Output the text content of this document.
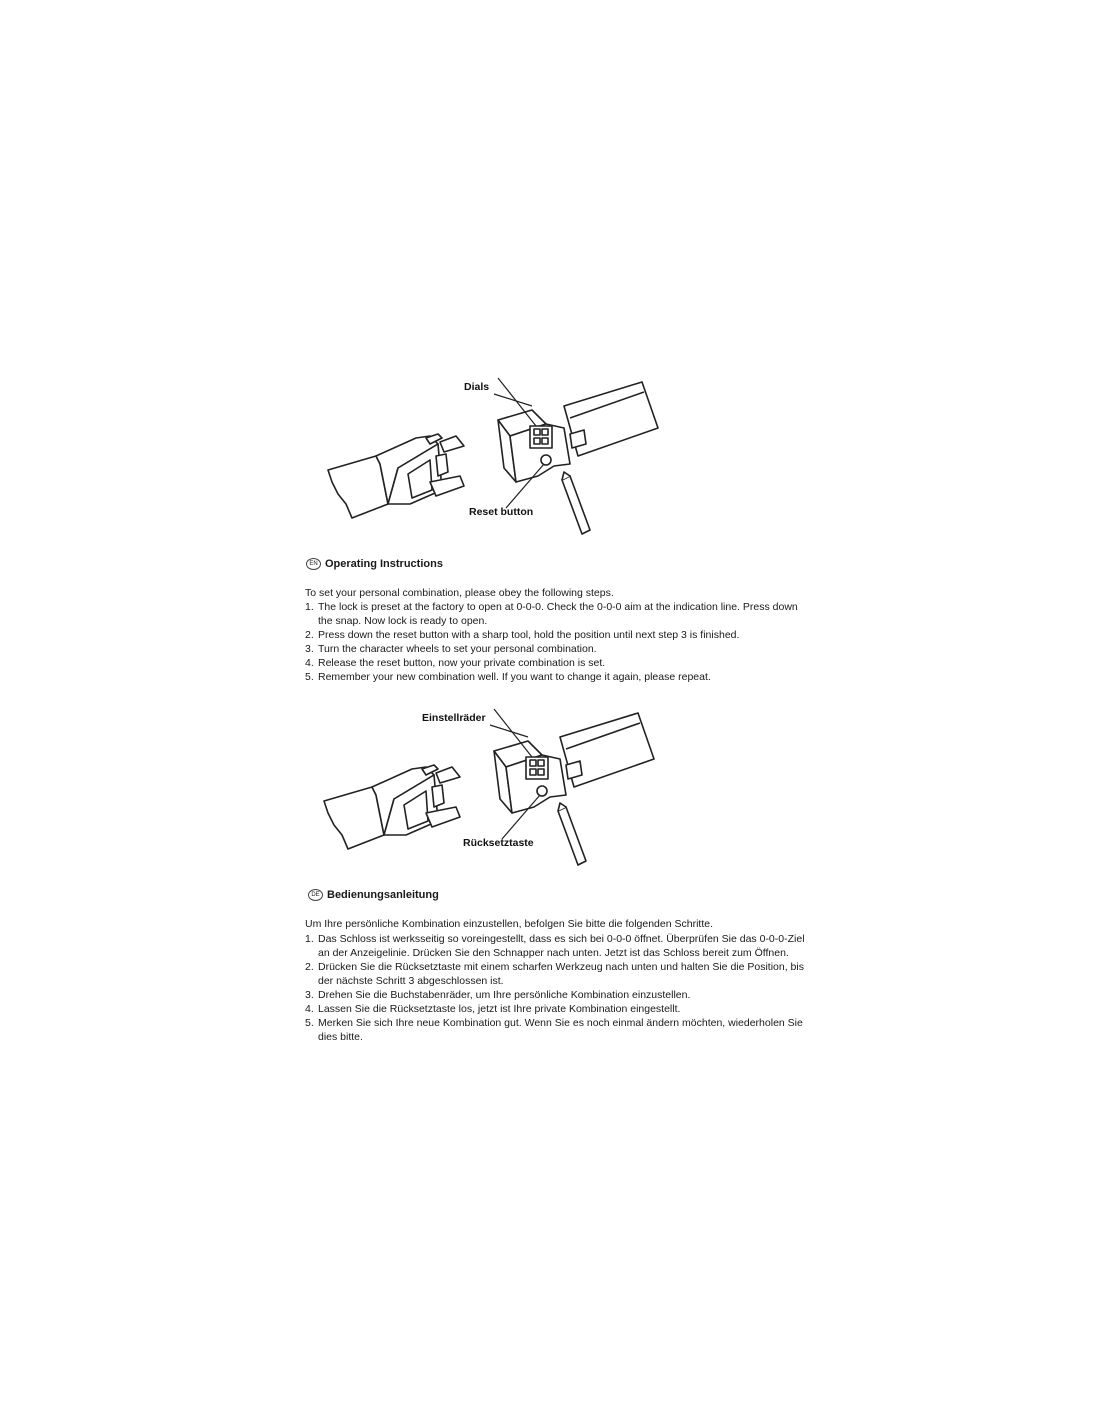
Dials
Reset button
EN Operating Instructions
To set your personal combination, please obey the following steps.
1. The lock is preset at the factory to open at 0-0-0. Check the 0-0-0 aim at the indication line. Press down the snap. Now lock is ready to open.
2. Press down the reset button with a sharp tool, hold the position until next step 3 is finished.
3. Turn the character wheels to set your personal combination.
4. Release the reset button, now your private combination is set.
5. Remember your new combination well. If you want to change it again, please repeat.
Einstellräder
Rücksetztaste
DE Bedienungsanleitung
Um Ihre persönliche Kombination einzustellen, befolgen Sie bitte die folgenden Schritte.
1. Das Schloss ist werksseitig so voreingestellt, dass es sich bei 0-0-0 öffnet. Überprüfen Sie das 0-0-0-Ziel an der Anzeigelinie. Drücken Sie den Schnapper nach unten. Jetzt ist das Schloss bereit zum Öffnen.
2. Drücken Sie die Rücksetztaste mit einem scharfen Werkzeug nach unten und halten Sie die Position, bis der nächste Schritt 3 abgeschlossen ist.
3. Drehen Sie die Buchstabenräder, um Ihre persönliche Kombination einzustellen.
4. Lassen Sie die Rücksetztaste los, jetzt ist Ihre private Kombination eingestellt.
5. Merken Sie sich Ihre neue Kombination gut. Wenn Sie es noch einmal ändern möchten, wiederholen Sie dies bitte.
